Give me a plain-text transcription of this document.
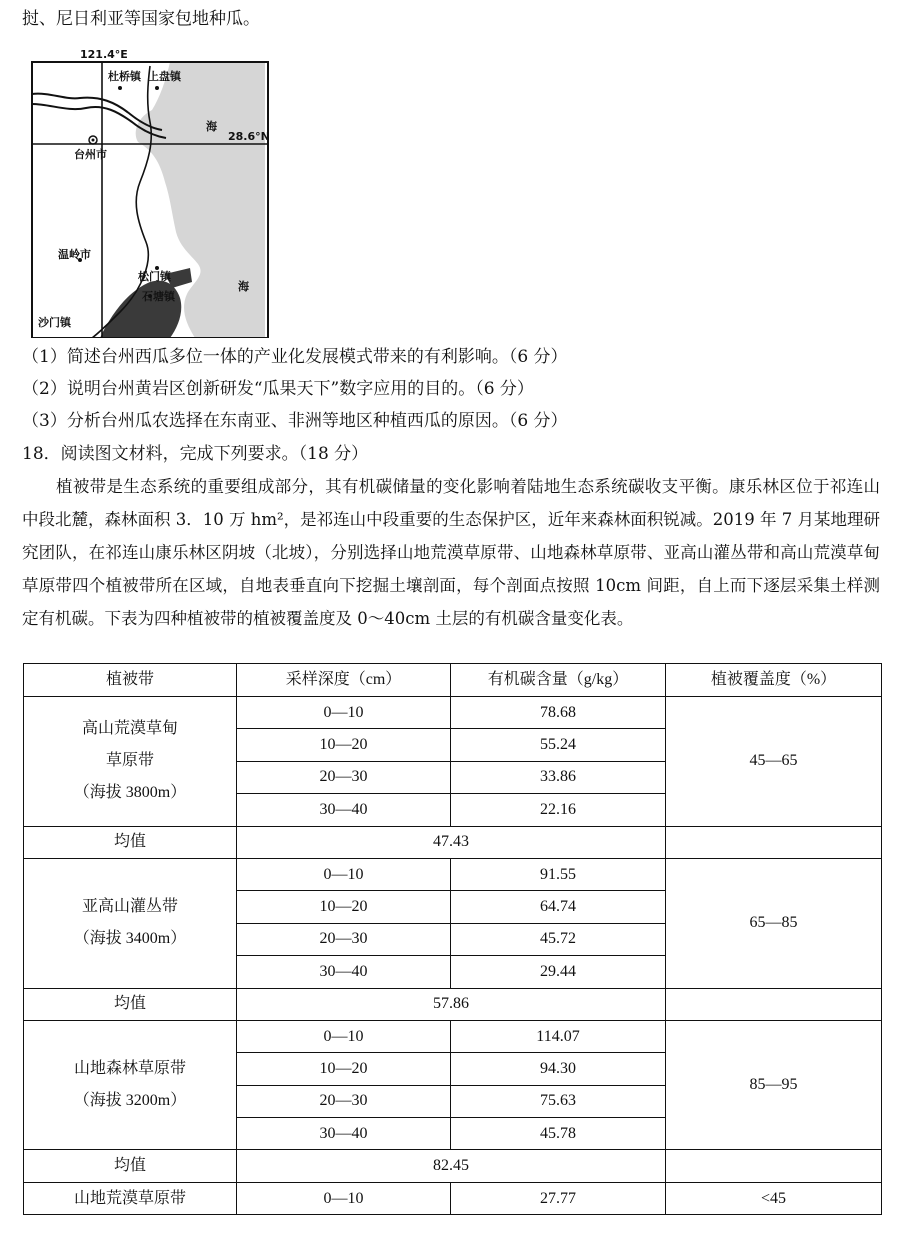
挝、尼日利亚等国家包地种瓜。
121.4°E
28.6°N
杜桥镇 上盘镇
台州市
温岭市
松门镇
石塘镇
沙门镇
海
海
（1）简述台州西瓜多位一体的产业化发展模式带来的有利影响。（6 分）
（2）说明台州黄岩区创新研发“瓜果天下”数字应用的目的。（6 分）
（3）分析台州瓜农选择在东南亚、非洲等地区种植西瓜的原因。（6 分）
18．阅读图文材料，完成下列要求。（18 分）
植被带是生态系统的重要组成部分，其有机碳储量的变化影响着陆地生态系统碳收支平衡。康乐林区位于祁连山中段北麓，森林面积 3．10 万 hm²，是祁连山中段重要的生态保护区，近年来森林面积锐减。2019 年 7 月某地理研究团队，在祁连山康乐林区阴坡（北坡），分别选择山地荒漠草原带、山地森林草原带、亚高山灌丛带和高山荒漠草甸草原带四个植被带所在区域，自地表垂直向下挖掘土壤剖面，每个剖面点按照 10cm 间距，自上而下逐层采集土样测定有机碳。下表为四种植被带的植被覆盖度及 0～40cm 土层的有机碳含量变化表。
植被带	采样深度（cm）	有机碳含量（g/kg）	植被覆盖度（%）

高山荒漠草甸
草原带
（海拔 3800m）	0—10	78.68	45—65
	10—20	55.24	
	20—30	33.86	
	30—40	22.16	
均值	47.43		

亚高山灌丛带
（海拔 3400m）	0—10	91.55	65—85
	10—20	64.74	
	20—30	45.72	
	30—40	29.44	
均值	57.86		

山地森林草原带
（海拔 3200m）	0—10	114.07	85—95
	10—20	94.30	
	20—30	75.63	
	30—40	45.78	
均值	82.45		
山地荒漠草原带	0—10	27.77	<45
